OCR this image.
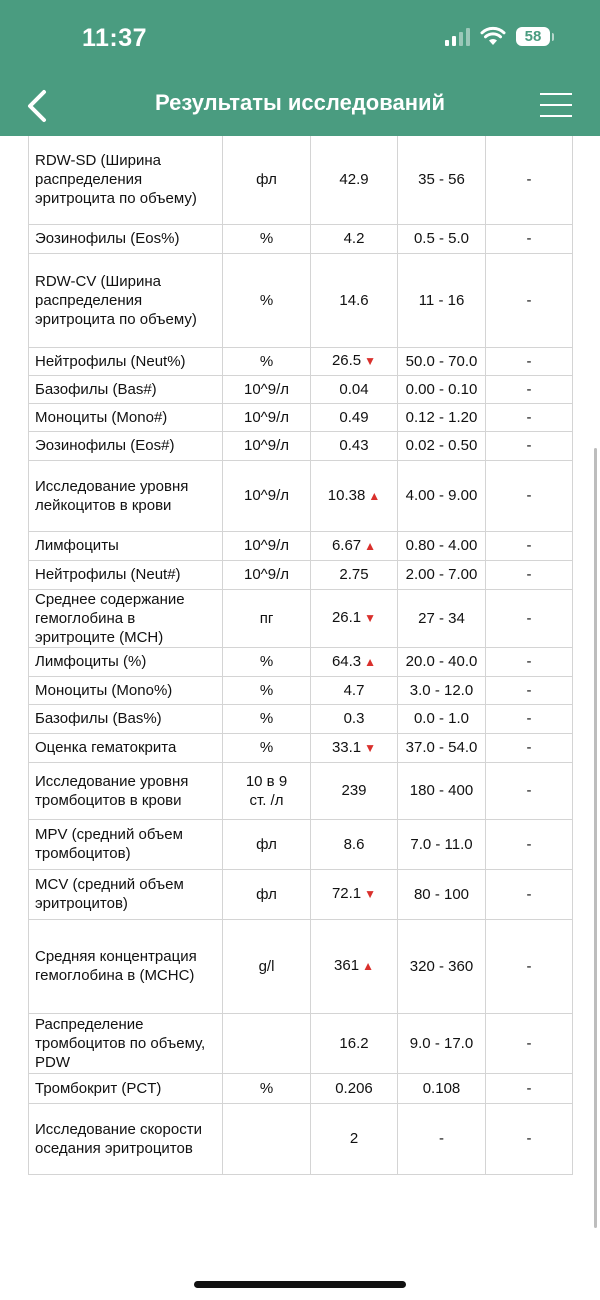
11:37	58
Результаты исследований
RDW-SD (Ширина распределения эритроцита по объему)	фл	42.9	35 - 56	-
Эозинофилы (Eos%)	%	4.2	0.5 - 5.0	-
RDW-CV (Ширина распределения эритроцита по объему)	%	14.6	11 - 16	-
Нейтрофилы (Neut%)	%	26.5 ▼	50.0 - 70.0	-
Базофилы (Bas#)	10^9/л	0.04	0.00 - 0.10	-
Моноциты (Mono#)	10^9/л	0.49	0.12 - 1.20	-
Эозинофилы (Eos#)	10^9/л	0.43	0.02 - 0.50	-
Исследование уровня лейкоцитов в крови	10^9/л	10.38 ▲	4.00 - 9.00	-
Лимфоциты	10^9/л	6.67 ▲	0.80 - 4.00	-
Нейтрофилы (Neut#)	10^9/л	2.75	2.00 - 7.00	-
Среднее содержание гемоглобина в эритроците (MCH)	пг	26.1 ▼	27 - 34	-
Лимфоциты (%)	%	64.3 ▲	20.0 - 40.0	-
Моноциты (Mono%)	%	4.7	3.0 - 12.0	-
Базофилы (Bas%)	%	0.3	0.0 - 1.0	-
Оценка гематокрита	%	33.1 ▼	37.0 - 54.0	-
Исследование уровня тромбоцитов в крови	10 в 9
ст. /л	239	180 - 400	-
MPV (средний объем тромбоцитов)	фл	8.6	7.0 - 11.0	-
MCV (средний объем эритроцитов)	фл	72.1 ▼	80 - 100	-
Средняя концентрация гемоглобина в (MCHC)	g/l	361 ▲	320 - 360	-
Распределение тромбоцитов по объему, PDW		16.2	9.0 - 17.0	-
Тромбокрит (PCT)	%	0.206	0.108	-
Исследование скорости оседания эритроцитов		2	-	-
